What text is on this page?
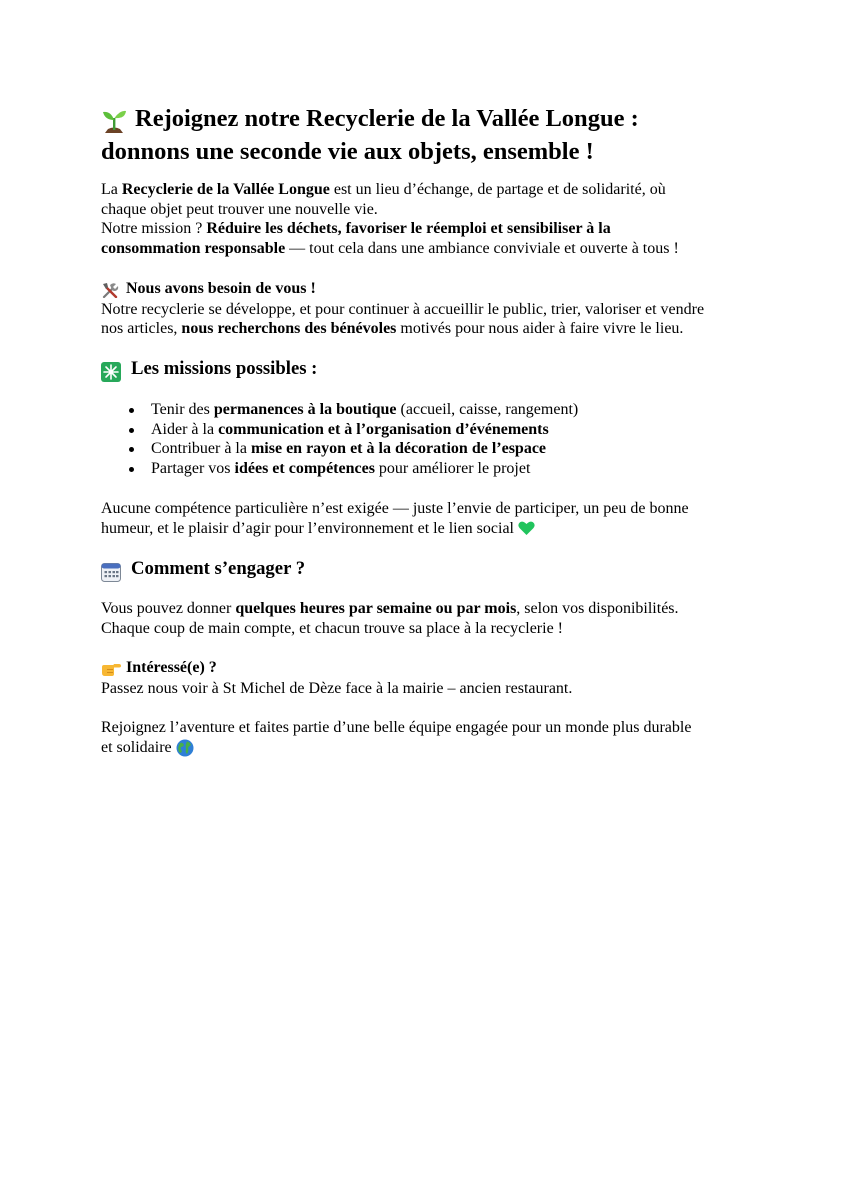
Rejoignez notre Recyclerie de la Vallée Longue :
donnons une seconde vie aux objets, ensemble !

La Recyclerie de la Vallée Longue est un lieu d’échange, de partage et de solidarité, où

chaque objet peut trouver une nouvelle vie.

Notre mission ? Réduire les déchets, favoriser le réemploi et sensibiliser à la

consommation responsable — tout cela dans une ambiance conviviale et ouverte à tous !

Nous avons besoin de vous !

Notre recyclerie se développe, et pour continuer à accueillir le public, trier, valoriser et vendre

nos articles, nous recherchons des bénévoles motivés pour nous aider à faire vivre le lieu.

Les missions possibles :
Tenir des permanences à la boutique (accueil, caisse, rangement)
Aider à la communication et à l’organisation d’événements
Contribuer à la mise en rayon et à la décoration de l’espace
Partager vos idées et compétences pour améliorer le projet

Aucune compétence particulière n’est exigée — juste l’envie de participer, un peu de bonne

humeur, et le plaisir d’agir pour l’environnement et le lien social

Comment s’engager ?

Vous pouvez donner quelques heures par semaine ou par mois, selon vos disponibilités.

Chaque coup de main compte, et chacun trouve sa place à la recyclerie !

Intéressé(e) ?

Passez nous voir à St Michel de Dèze face à la mairie – ancien restaurant.

Rejoignez l’aventure et faites partie d’une belle équipe engagée pour un monde plus durable

et solidaire
